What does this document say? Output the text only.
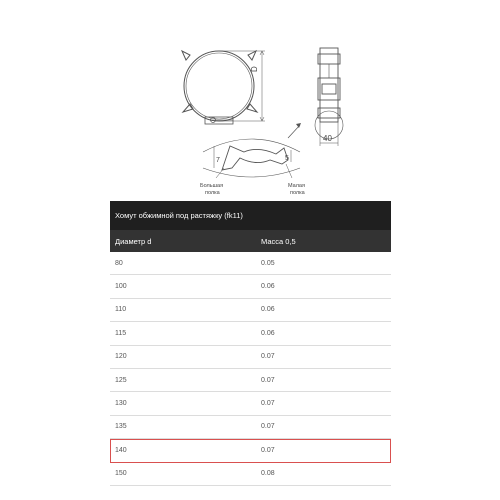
D
40
7	5
Большая
полка
Малая
полка
Хомут обжимной под растяжку (fk11)
Диаметр d	Масса 0,5
80	0.05
100	0.06
110	0.06
115	0.06
120	0.07
125	0.07
130	0.07
135	0.07
140	0.07
150	0.08
